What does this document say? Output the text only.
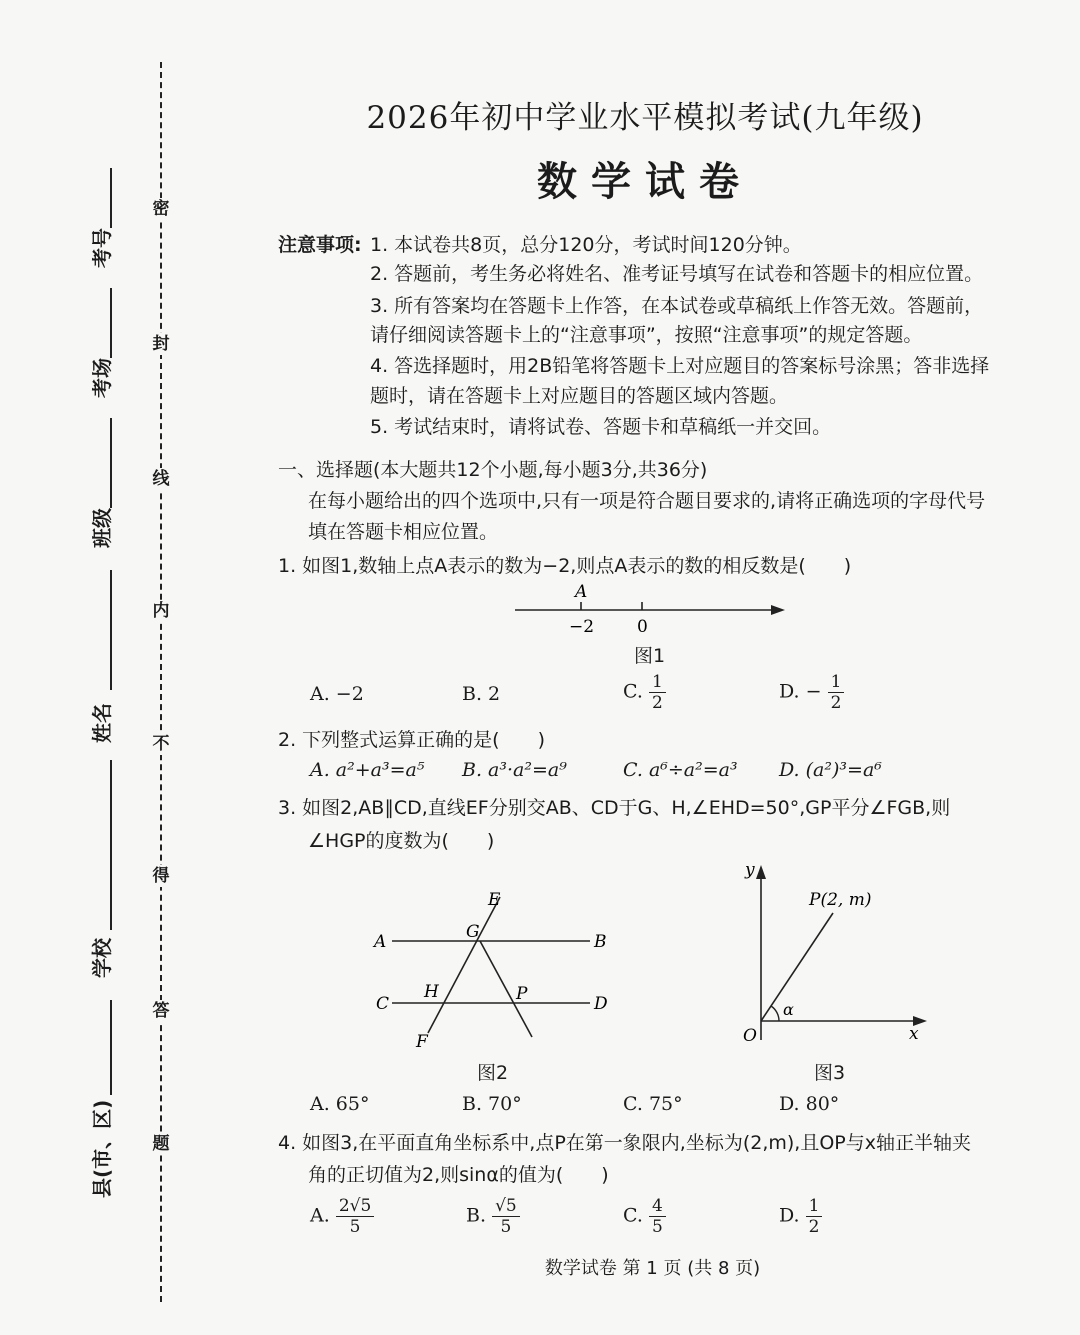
密
封
线
内
不
得
答
题
考号
考场
班级
姓名
学校
县(市、区)
2026年初中学业水平模拟考试(九年级)
数学试卷
注意事项: 1. 本试卷共8页，总分120分，考试时间120分钟。
2. 答题前，考生务必将姓名、准考证号填写在试卷和答题卡的相应位置。
3. 所有答案均在答题卡上作答，在本试卷或草稿纸上作答无效。答题前，
请仔细阅读答题卡上的“注意事项”，按照“注意事项”的规定答题。
4. 答选择题时，用2B铅笔将答题卡上对应题目的答案标号涂黑；答非选择
题时，请在答题卡上对应题目的答题区域内答题。
5. 考试结束时，请将试卷、答题卡和草稿纸一并交回。
一、选择题(本大题共12个小题,每小题3分,共36分)
在每小题给出的四个选项中,只有一项是符合题目要求的,请将正确选项的字母代号
填在答题卡相应位置。
1. 如图1,数轴上点A表示的数为−2,则点A表示的数的相反数是(　　)
A
−2	0
图1
A. −2	B. 2	C. $\frac{1}{2}$	D. − $\frac{1}{2}$
2. 下列整式运算正确的是(　　)
A. a²+a³=a⁵ B. a³·a²=a⁹	C. a⁶÷a²=a³ D. (a²)³=a⁶
3. 如图2,AB∥CD,直线EF分别交AB、CD于G、H,∠EHD=50°,GP平分∠FGB,则
∠HGP的度数为(　　)
A	B
C	D
E
F
G
H	P
图2
y
x
O
P(2, m)
α
图3
A. 65°	B. 70°	C. 75°	D. 80°
4. 如图3,在平面直角坐标系中,点P在第一象限内,坐标为(2,m),且OP与x轴正半轴夹
角的正切值为2,则sinα的值为(　　)
A. $\frac{2√5}{5}$	B. $\frac{√5}{5}$	C. $\frac{4}{5}$	D. $\frac{1}{2}$
数学试卷 第 1 页 (共 8 页)
